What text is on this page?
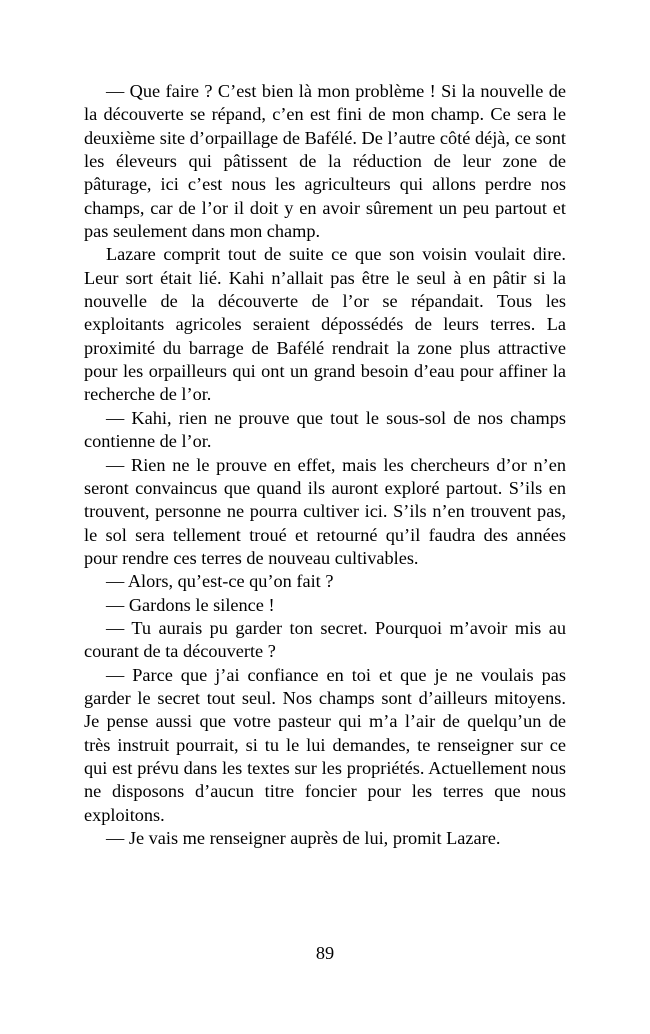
— Que faire ? C’est bien là mon problème ! Si la nouvelle de la découverte se répand, c’en est fini de mon champ. Ce sera le deuxième site d’orpaillage de Bafélé. De l’autre côté déjà, ce sont les éleveurs qui pâtissent de la réduction de leur zone de pâturage, ici c’est nous les agriculteurs qui allons perdre nos champs, car de l’or il doit y en avoir sûrement un peu partout et pas seulement dans mon champ.

Lazare comprit tout de suite ce que son voisin voulait dire. Leur sort était lié. Kahi n’allait pas être le seul à en pâtir si la nouvelle de la découverte de l’or se répandait. Tous les exploitants agricoles seraient dépossédés de leurs terres. La proximité du barrage de Bafélé rendrait la zone plus attractive pour les orpailleurs qui ont un grand besoin d’eau pour affiner la recherche de l’or.

— Kahi, rien ne prouve que tout le sous-sol de nos champs contienne de l’or.

— Rien ne le prouve en effet, mais les chercheurs d’or n’en seront convaincus que quand ils auront exploré partout. S’ils en trouvent, personne ne pourra cultiver ici. S’ils n’en trouvent pas, le sol sera tellement troué et retourné qu’il faudra des années pour rendre ces terres de nouveau cultivables.

— Alors, qu’est-ce qu’on fait ?

— Gardons le silence !

— Tu aurais pu garder ton secret. Pourquoi m’avoir mis au courant de ta découverte ?

— Parce que j’ai confiance en toi et que je ne voulais pas garder le secret tout seul. Nos champs sont d’ailleurs mitoyens. Je pense aussi que votre pasteur qui m’a l’air de quelqu’un de très instruit pourrait, si tu le lui demandes, te renseigner sur ce qui est prévu dans les textes sur les propriétés. Actuellement nous ne disposons d’aucun titre foncier pour les terres que nous exploitons.

— Je vais me renseigner auprès de lui, promit Lazare.

89
